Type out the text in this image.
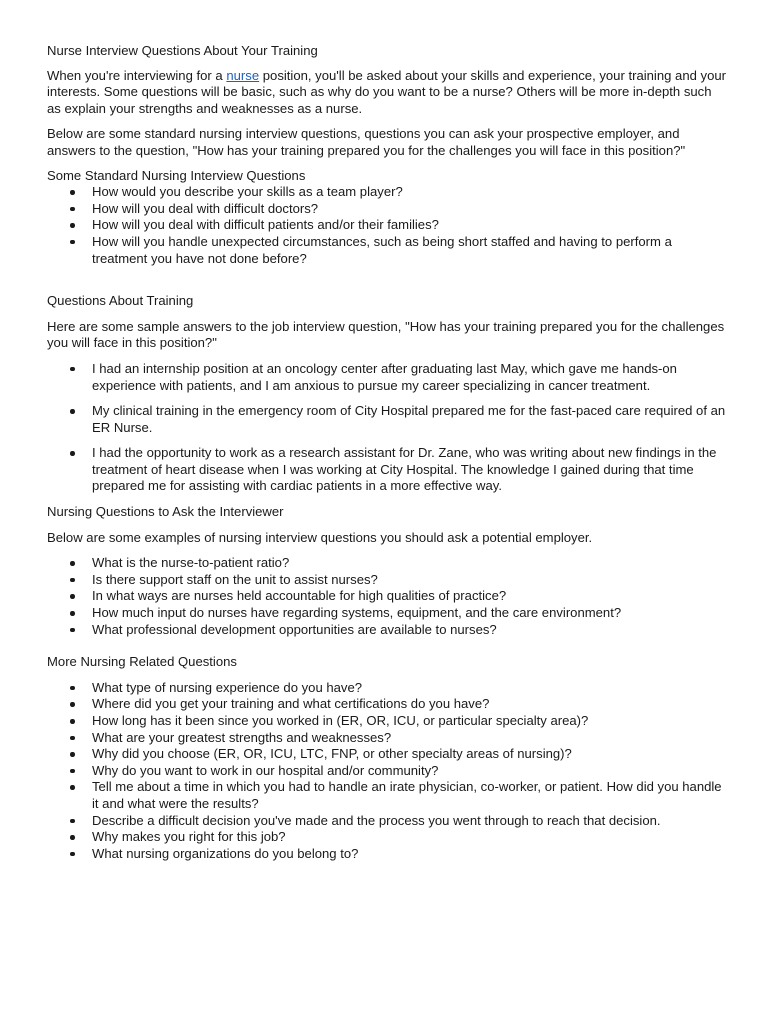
Nurse Interview Questions About Your Training

When you're interviewing for a nurse position, you'll be asked about your skills and experience, your training and your interests. Some questions will be basic, such as why do you want to be a nurse? Others will be more in-depth such as explain your strengths and weaknesses as a nurse.

Below are some standard nursing interview questions, questions you can ask your prospective employer, and answers to the question, "How has your training prepared you for the challenges you will face in this position?"

Some Standard Nursing Interview Questions
How would you describe your skills as a team player?
How will you deal with difficult doctors?
How will you deal with difficult patients and/or their families?
How will you handle unexpected circumstances, such as being short staffed and having to perform a treatment you have not done before?
Questions About Training

Here are some sample answers to the job interview question, "How has your training prepared you for the challenges you will face in this position?"

I had an internship position at an oncology center after graduating last May, which gave me hands-on experience with patients, and I am anxious to pursue my career specializing in cancer treatment.
My clinical training in the emergency room of City Hospital prepared me for the fast-paced care required of an ER Nurse.
I had the opportunity to work as a research assistant for Dr. Zane, who was writing about new findings in the treatment of heart disease when I was working at City Hospital. The knowledge I gained during that time prepared me for assisting with cardiac patients in a more effective way.
Nursing Questions to Ask the Interviewer

Below are some examples of nursing interview questions you should ask a potential employer.

What is the nurse-to-patient ratio?
Is there support staff on the unit to assist nurses?
In what ways are nurses held accountable for high qualities of practice?
How much input do nurses have regarding systems, equipment, and the care environment?
What professional development opportunities are available to nurses?
More Nursing Related Questions
What type of nursing experience do you have?
Where did you get your training and what certifications do you have?
How long has it been since you worked in (ER, OR, ICU, or particular specialty area)?
What are your greatest strengths and weaknesses?
Why did you choose (ER, OR, ICU, LTC, FNP, or other specialty areas of nursing)?
Why do you want to work in our hospital and/or community?
Tell me about a time in which you had to handle an irate physician, co-worker, or patient. How did you handle it and what were the results?
Describe a difficult decision you've made and the process you went through to reach that decision.
Why makes you right for this job?
What nursing organizations do you belong to?
